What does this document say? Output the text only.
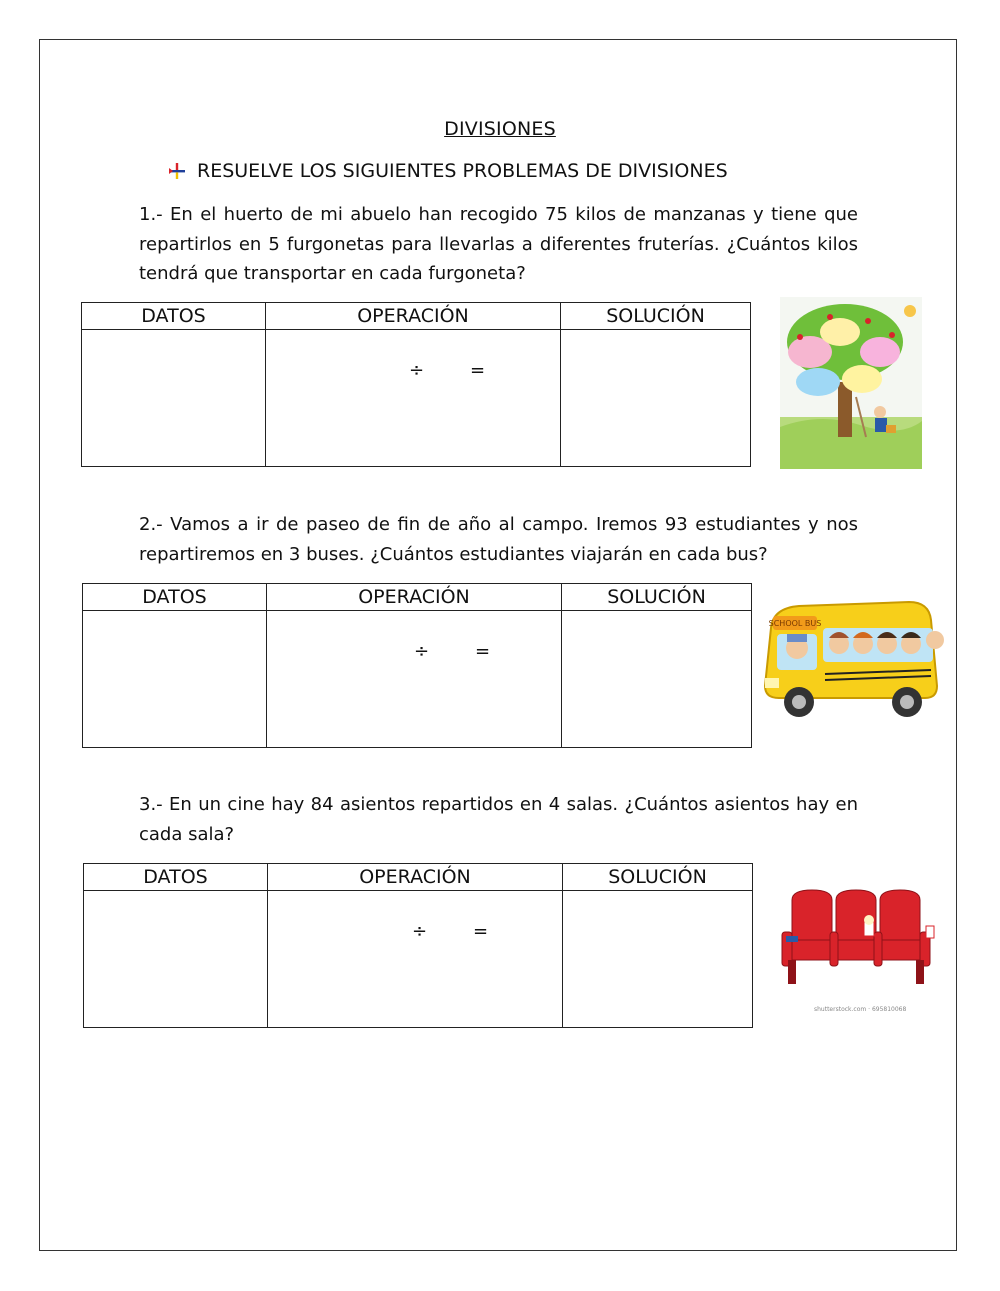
DIVISIONES
RESUELVE LOS SIGUIENTES PROBLEMAS DE DIVISIONES
1.- En el huerto de mi abuelo han recogido 75 kilos de manzanas y tiene que repartirlos en 5 furgonetas para llevarlas a diferentes fruterías. ¿Cuántos kilos tendrá que transportar en cada furgoneta?
DATOS	OPERACIÓN	SOLUCIÓN

	÷ =	

2.- Vamos a ir de paseo de fin de año al campo. Iremos 93 estudiantes y nos repartiremos en 3 buses. ¿Cuántos estudiantes viajarán en cada bus?
DATOS	OPERACIÓN	SOLUCIÓN

	÷ =	

SCHOOL BUS
3.- En un cine hay 84 asientos repartidos en 4 salas. ¿Cuántos asientos hay en cada sala?
DATOS	OPERACIÓN	SOLUCIÓN

	÷ =	

shutterstock.com · 695810068
